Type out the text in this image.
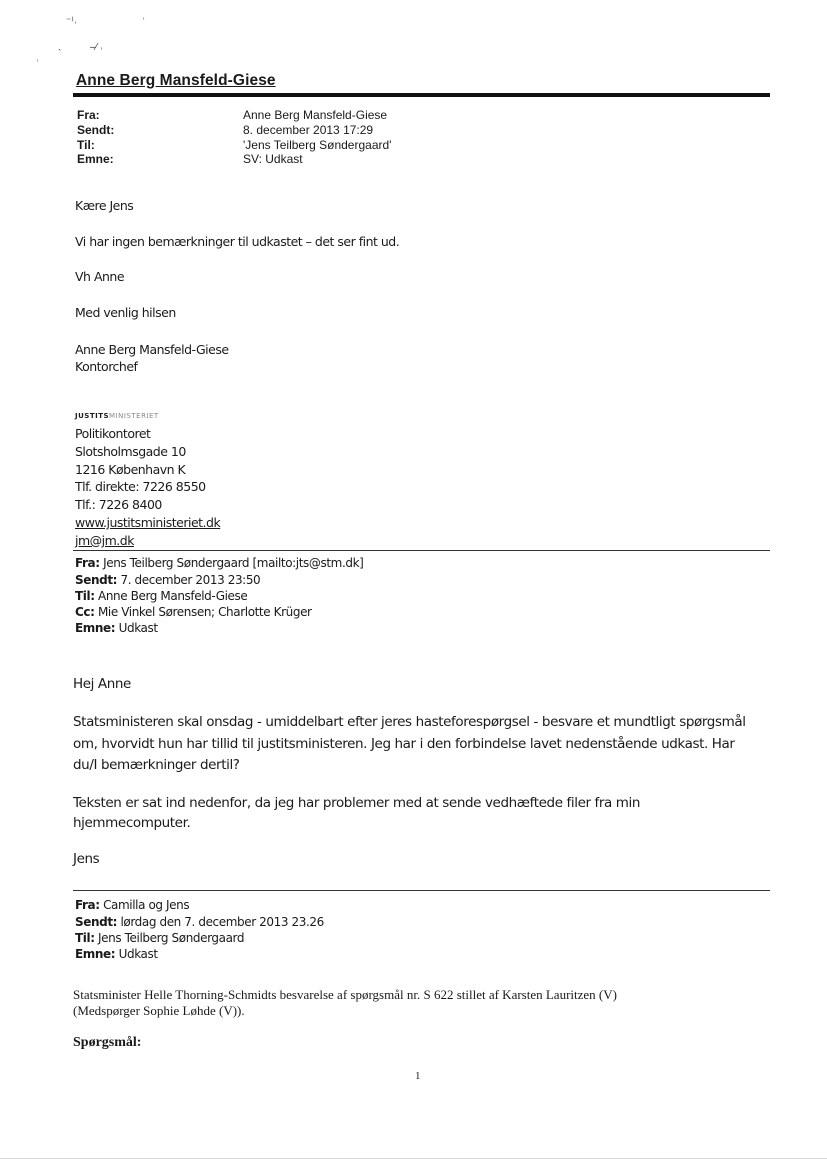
⁻⁾˒	˒
˴	–⁄ ˒
˒
Anne Berg Mansfeld-Giese
Fra:	Anne Berg Mansfeld-Giese
Sendt:	8. december 2013 17:29
Til:	'Jens Teilberg Søndergaard'
Emne:	SV: Udkast
Kære Jens
Vi har ingen bemærkninger til udkastet – det ser fint ud.
Vh Anne
Med venlig hilsen
Anne Berg Mansfeld-Giese
Kontorchef
JUSTITSMINISTERIET
Politikontoret
Slotsholmsgade 10
1216 København K
Tlf. direkte: 7226 8550
Tlf.: 7226 8400
www.justitsministeriet.dk
jm@jm.dk
Fra: Jens Teilberg Søndergaard [mailto:jts@stm.dk]
Sendt: 7. december 2013 23:50
Til: Anne Berg Mansfeld-Giese
Cc: Mie Vinkel Sørensen; Charlotte Krüger
Emne: Udkast
Hej Anne
Statsministeren skal onsdag - umiddelbart efter jeres hasteforespørgsel - besvare et mundtligt spørgsmål
om, hvorvidt hun har tillid til justitsministeren. Jeg har i den forbindelse lavet nedenstående udkast. Har
du/I bemærkninger dertil?
Teksten er sat ind nedenfor, da jeg har problemer med at sende vedhæftede filer fra min
hjemmecomputer.
Jens
Fra: Camilla og Jens
Sendt: lørdag den 7. december 2013 23.26
Til: Jens Teilberg Søndergaard
Emne: Udkast
Statsminister Helle Thorning-Schmidts besvarelse af spørgsmål nr. S 622 stillet af Karsten Lauritzen (V)
(Medspørger Sophie Løhde (V)).
Spørgsmål:
1
